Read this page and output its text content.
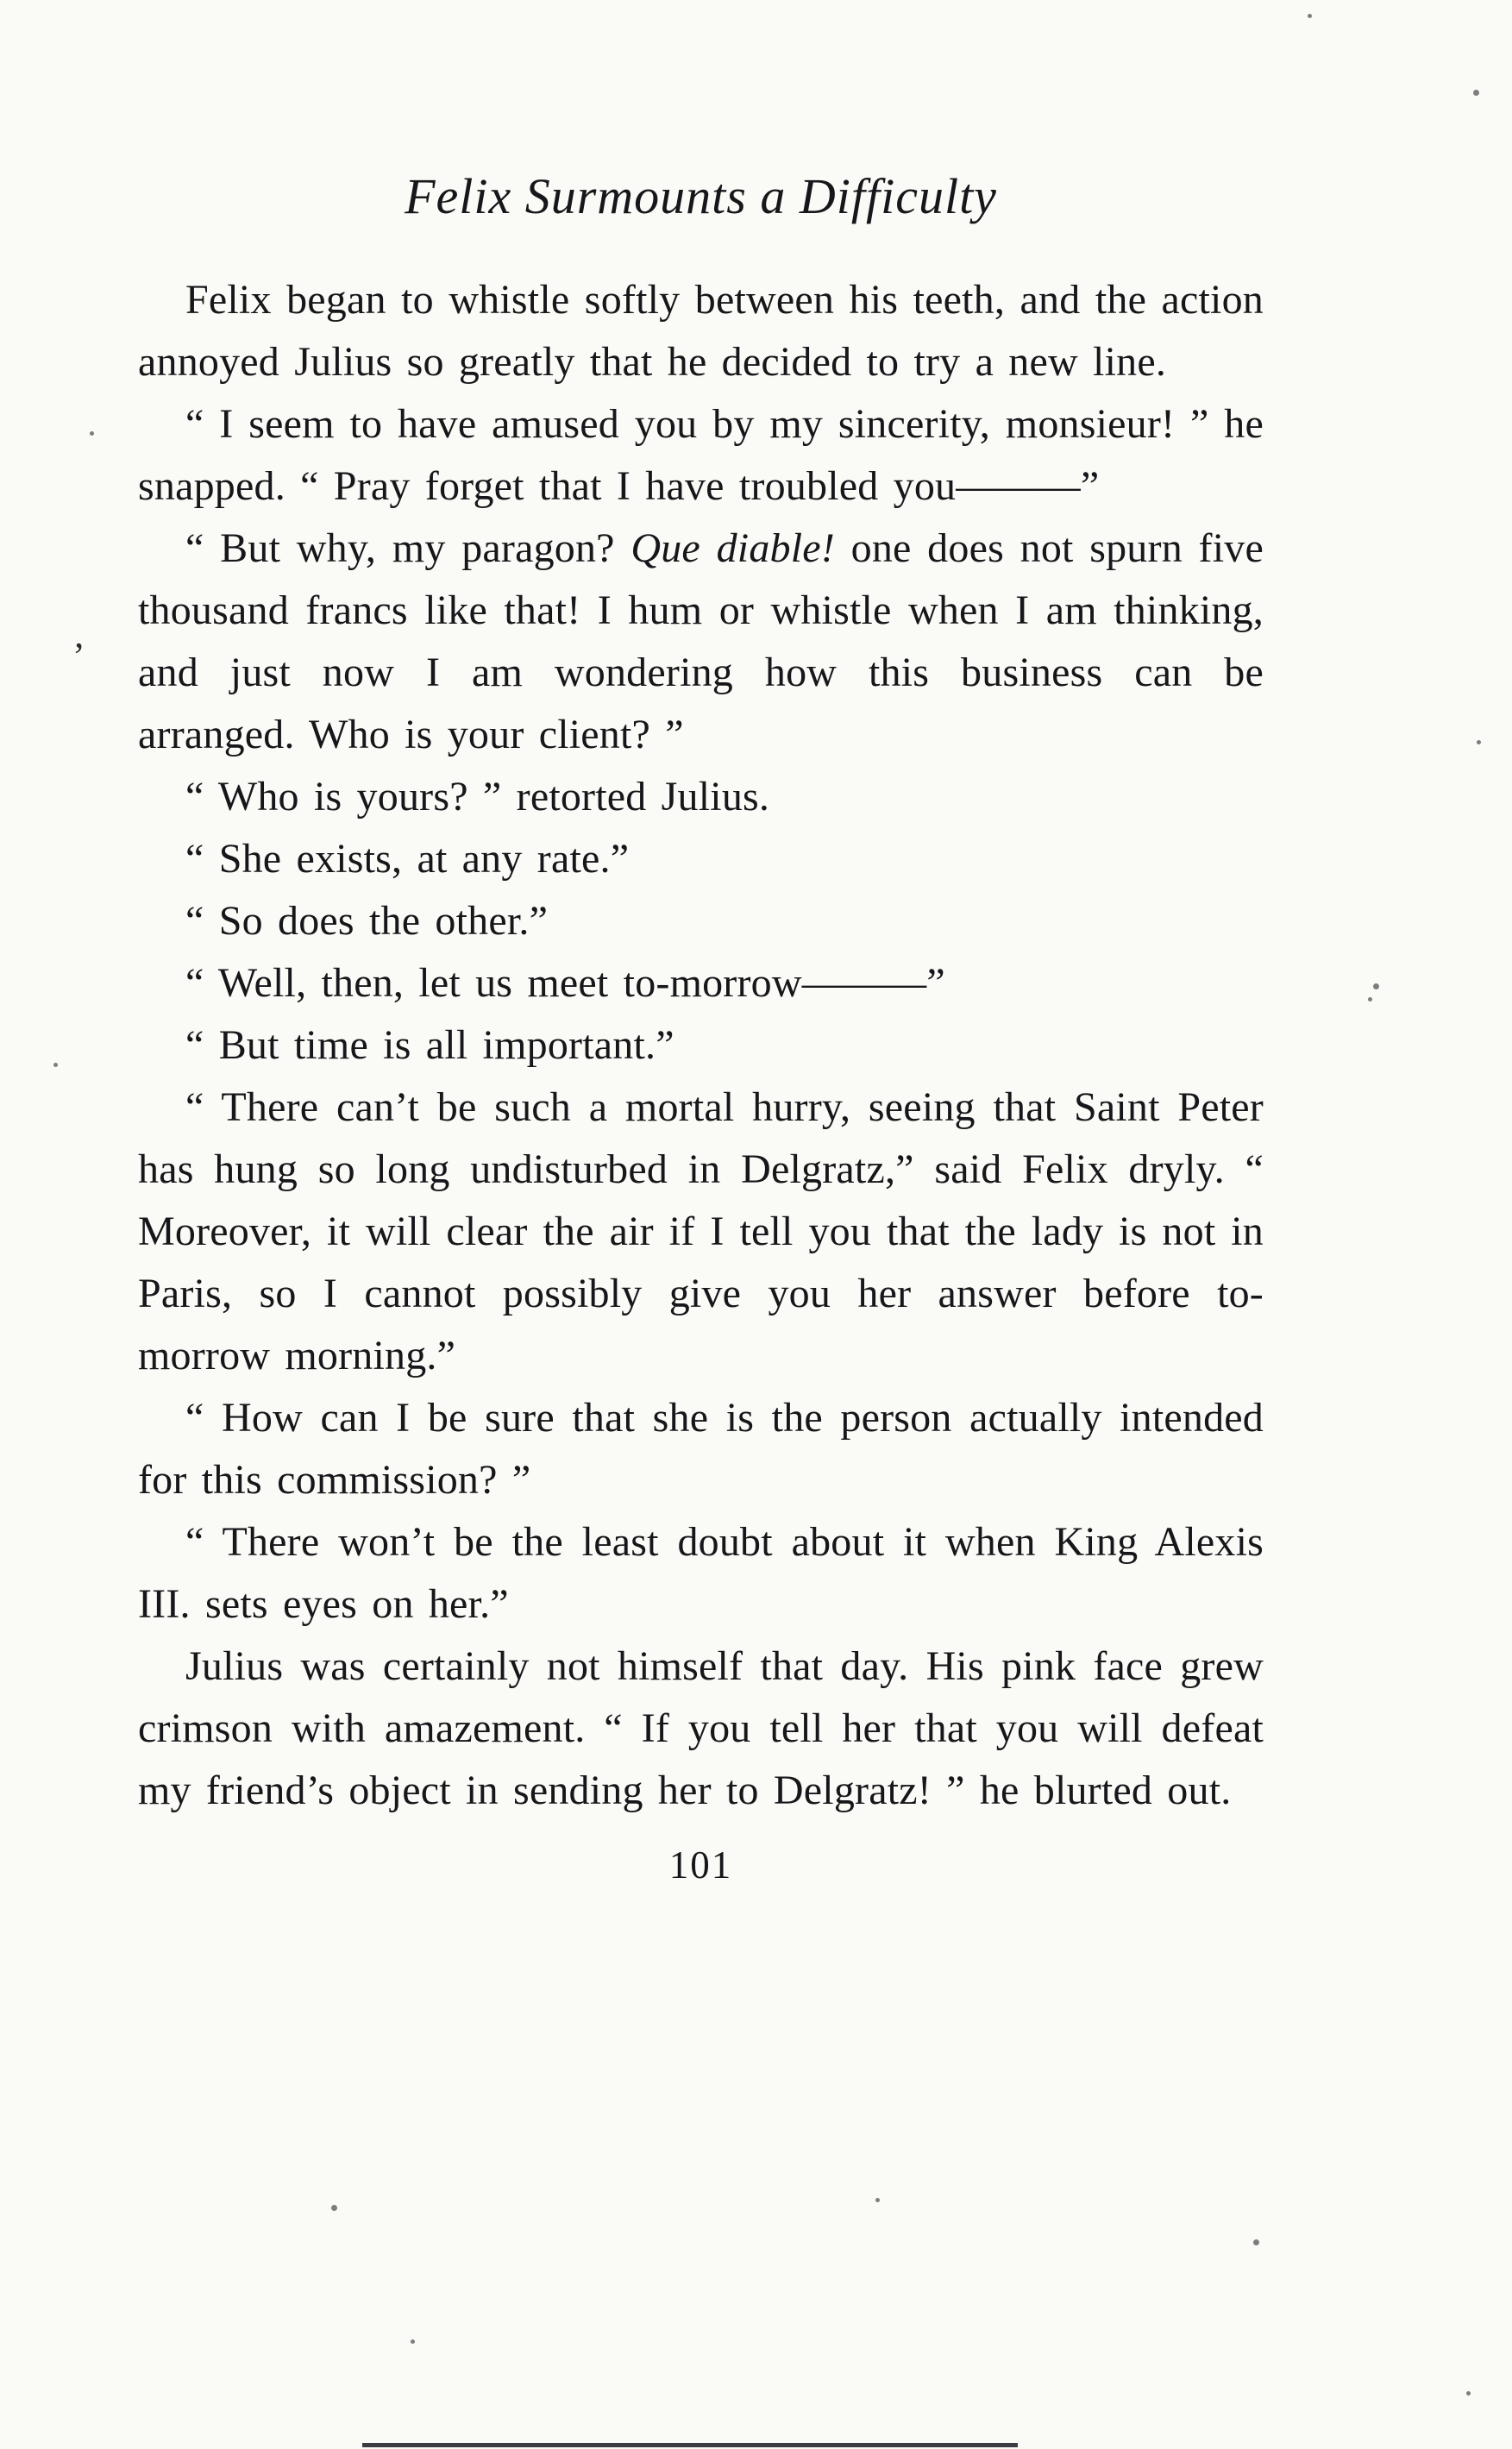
Felix Surmounts a Difficulty

Felix began to whistle softly between his teeth, and the action annoyed Julius so greatly that he decided to try a new line.

“ I seem to have amused you by my sincerity, monsieur! ” he snapped. “ Pray forget that I have troubled you———”

“ But why, my paragon? Que diable! one does not spurn five thousand francs like that! I hum or whistle when I am thinking, and just now I am wondering how this business can be arranged. Who is your client? ”

“ Who is yours? ” retorted Julius.

“ She exists, at any rate.”

“ So does the other.”

“ Well, then, let us meet to-morrow———”

“ But time is all important.”

“ There can’t be such a mortal hurry, seeing that Saint Peter has hung so long undisturbed in Delgratz,” said Felix dryly. “ Moreover, it will clear the air if I tell you that the lady is not in Paris, so I cannot possibly give you her answer before to-morrow morning.”

“ How can I be sure that she is the person actually intended for this commission? ”

“ There won’t be the least doubt about it when King Alexis III. sets eyes on her.”

Julius was certainly not himself that day. His pink face grew crimson with amazement. “ If you tell her that you will defeat my friend’s object in sending her to Delgratz! ” he blurted out.

101
’
